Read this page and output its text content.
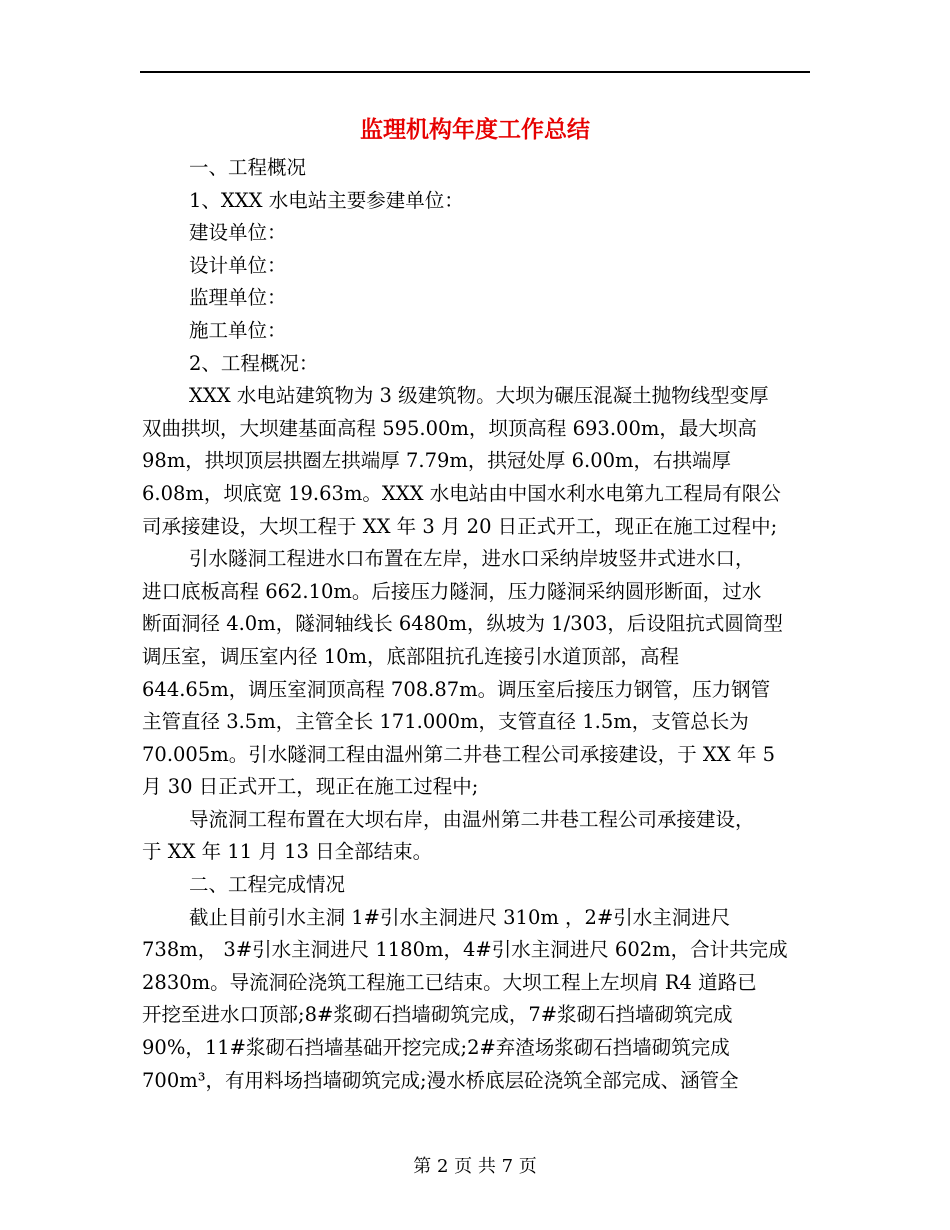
监理机构年度工作总结
一、工程概况
1、XXX 水电站主要参建单位：
建设单位：
设计单位：
监理单位：
施工单位：
2、工程概况：
XXX 水电站建筑物为 3 级建筑物。大坝为碾压混凝土抛物线型变厚
双曲拱坝，大坝建基面高程 595.00m，坝顶高程 693.00m，最大坝高
98m，拱坝顶层拱圈左拱端厚 7.79m，拱冠处厚 6.00m，右拱端厚
6.08m，坝底宽 19.63m。XXX 水电站由中国水利水电第九工程局有限公
司承接建设，大坝工程于 XX 年 3 月 20 日正式开工，现正在施工过程中;
引水隧洞工程进水口布置在左岸，进水口采纳岸坡竖井式进水口，
进口底板高程 662.10m。后接压力隧洞，压力隧洞采纳圆形断面，过水
断面洞径 4.0m，隧洞轴线长 6480m，纵坡为 1/303，后设阻抗式圆筒型
调压室，调压室内径 10m，底部阻抗孔连接引水道顶部，高程
644.65m，调压室洞顶高程 708.87m。调压室后接压力钢管，压力钢管
主管直径 3.5m，主管全长 171.000m，支管直径 1.5m，支管总长为
70.005m。引水隧洞工程由温州第二井巷工程公司承接建设，于 XX 年 5
月 30 日正式开工，现正在施工过程中;
导流洞工程布置在大坝右岸，由温州第二井巷工程公司承接建设，
于 XX 年 11 月 13 日全部结束。
二、工程完成情况
截止目前引水主洞 1#引水主洞进尺 310m ，2#引水主洞进尺
738m， 3#引水主洞进尺 1180m，4#引水主洞进尺 602m，合计共完成
2830m。导流洞砼浇筑工程施工已结束。大坝工程上左坝肩 R4 道路已
开挖至进水口顶部;8#浆砌石挡墙砌筑完成，7#浆砌石挡墙砌筑完成
90%，11#浆砌石挡墙基础开挖完成;2#弃渣场浆砌石挡墙砌筑完成
700m³，有用料场挡墙砌筑完成;漫水桥底层砼浇筑全部完成、涵管全
第 2 页 共 7 页
